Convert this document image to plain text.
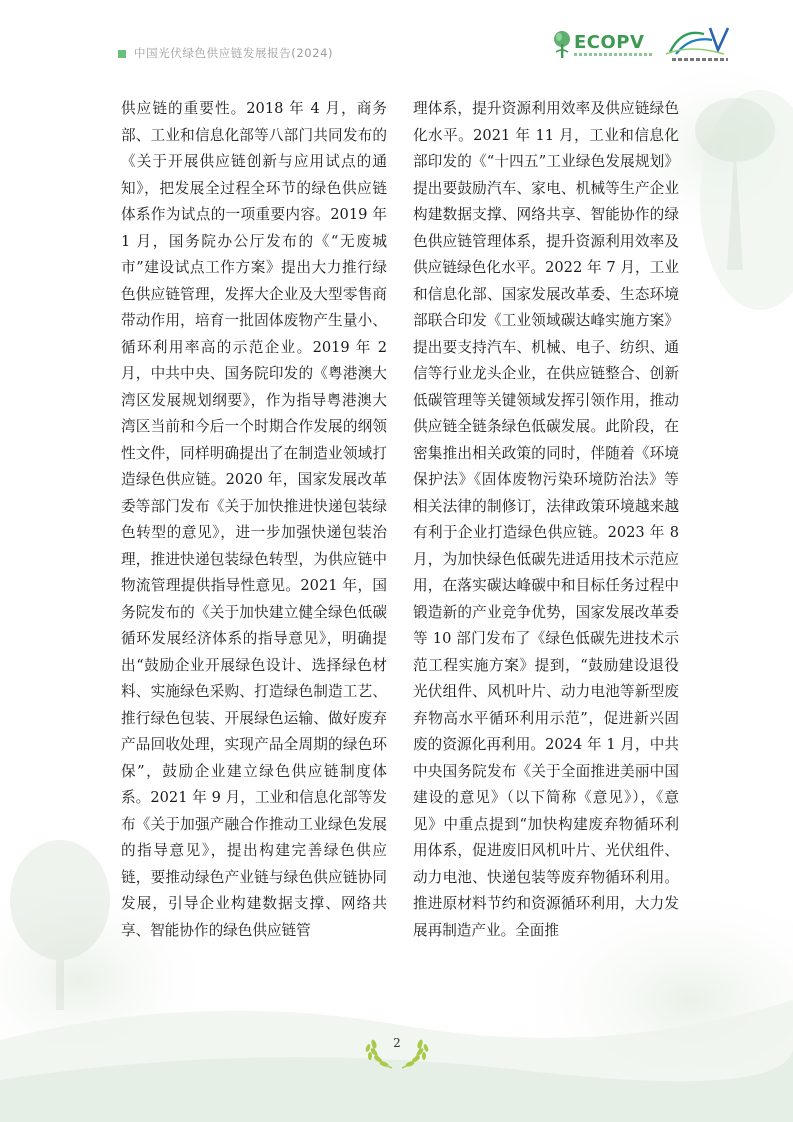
中国光伏绿色供应链发展报告(2024)	ECOPV

供应链的重要性。2018 年 4 月，商务部、工业和信息化部等八部门共同发布的《关于开展供应链创新与应用试点的通知》，把发展全过程全环节的绿色供应链体系作为试点的一项重要内容。2019 年 1 月，国务院办公厅发布的《“无废城市”建设试点工作方案》提出大力推行绿色供应链管理，发挥大企业及大型零售商带动作用，培育一批固体废物产生量小、循环利用率高的示范企业。2019 年 2 月，中共中央、国务院印发的《粤港澳大湾区发展规划纲要》，作为指导粤港澳大湾区当前和今后一个时期合作发展的纲领性文件，同样明确提出了在制造业领域打造绿色供应链。2020 年，国家发展改革委等部门发布《关于加快推进快递包装绿色转型的意见》，进一步加强快递包装治理，推进快递包装绿色转型，为供应链中物流管理提供指导性意见。2021 年，国务院发布的《关于加快建立健全绿色低碳循环发展经济体系的指导意见》，明确提出“鼓励企业开展绿色设计、选择绿色材料、实施绿色采购、打造绿色制造工艺、推行绿色包装、开展绿色运输、做好废弃产品回收处理，实现产品全周期的绿色环保”，鼓励企业建立绿色供应链制度体系。2021 年 9 月，工业和信息化部等发布《关于加强产融合作推动工业绿色发展的指导意见》，提出构建完善绿色供应链，要推动绿色产业链与绿色供应链协同发展，引导企业构建数据支撑、网络共享、智能协作的绿色供应链管

理体系，提升资源利用效率及供应链绿色化水平。2021 年 11 月，工业和信息化部印发的《“十四五”工业绿色发展规划》提出要鼓励汽车、家电、机械等生产企业构建数据支撑、网络共享、智能协作的绿色供应链管理体系，提升资源利用效率及供应链绿色化水平。2022 年 7 月，工业和信息化部、国家发展改革委、生态环境部联合印发《工业领域碳达峰实施方案》提出要支持汽车、机械、电子、纺织、通信等行业龙头企业，在供应链整合、创新低碳管理等关键领域发挥引领作用，推动供应链全链条绿色低碳发展。此阶段，在密集推出相关政策的同时，伴随着《环境保护法》《固体废物污染环境防治法》等相关法律的制修订，法律政策环境越来越有利于企业打造绿色供应链。2023 年 8 月，为加快绿色低碳先进适用技术示范应用，在落实碳达峰碳中和目标任务过程中锻造新的产业竞争优势，国家发展改革委等 10 部门发布了《绿色低碳先进技术示范工程实施方案》提到，“鼓励建设退役光伏组件、风机叶片、动力电池等新型废弃物高水平循环利用示范”，促进新兴固废的资源化再利用。2024 年 1 月，中共中央国务院发布《关于全面推进美丽中国建设的意见》（以下简称《意见》），《意见》中重点提到“加快构建废弃物循环利用体系，促进废旧风机叶片、光伏组件、动力电池、快递包装等废弃物循环利用。推进原材料节约和资源循环利用，大力发展再制造产业。全面推

2
